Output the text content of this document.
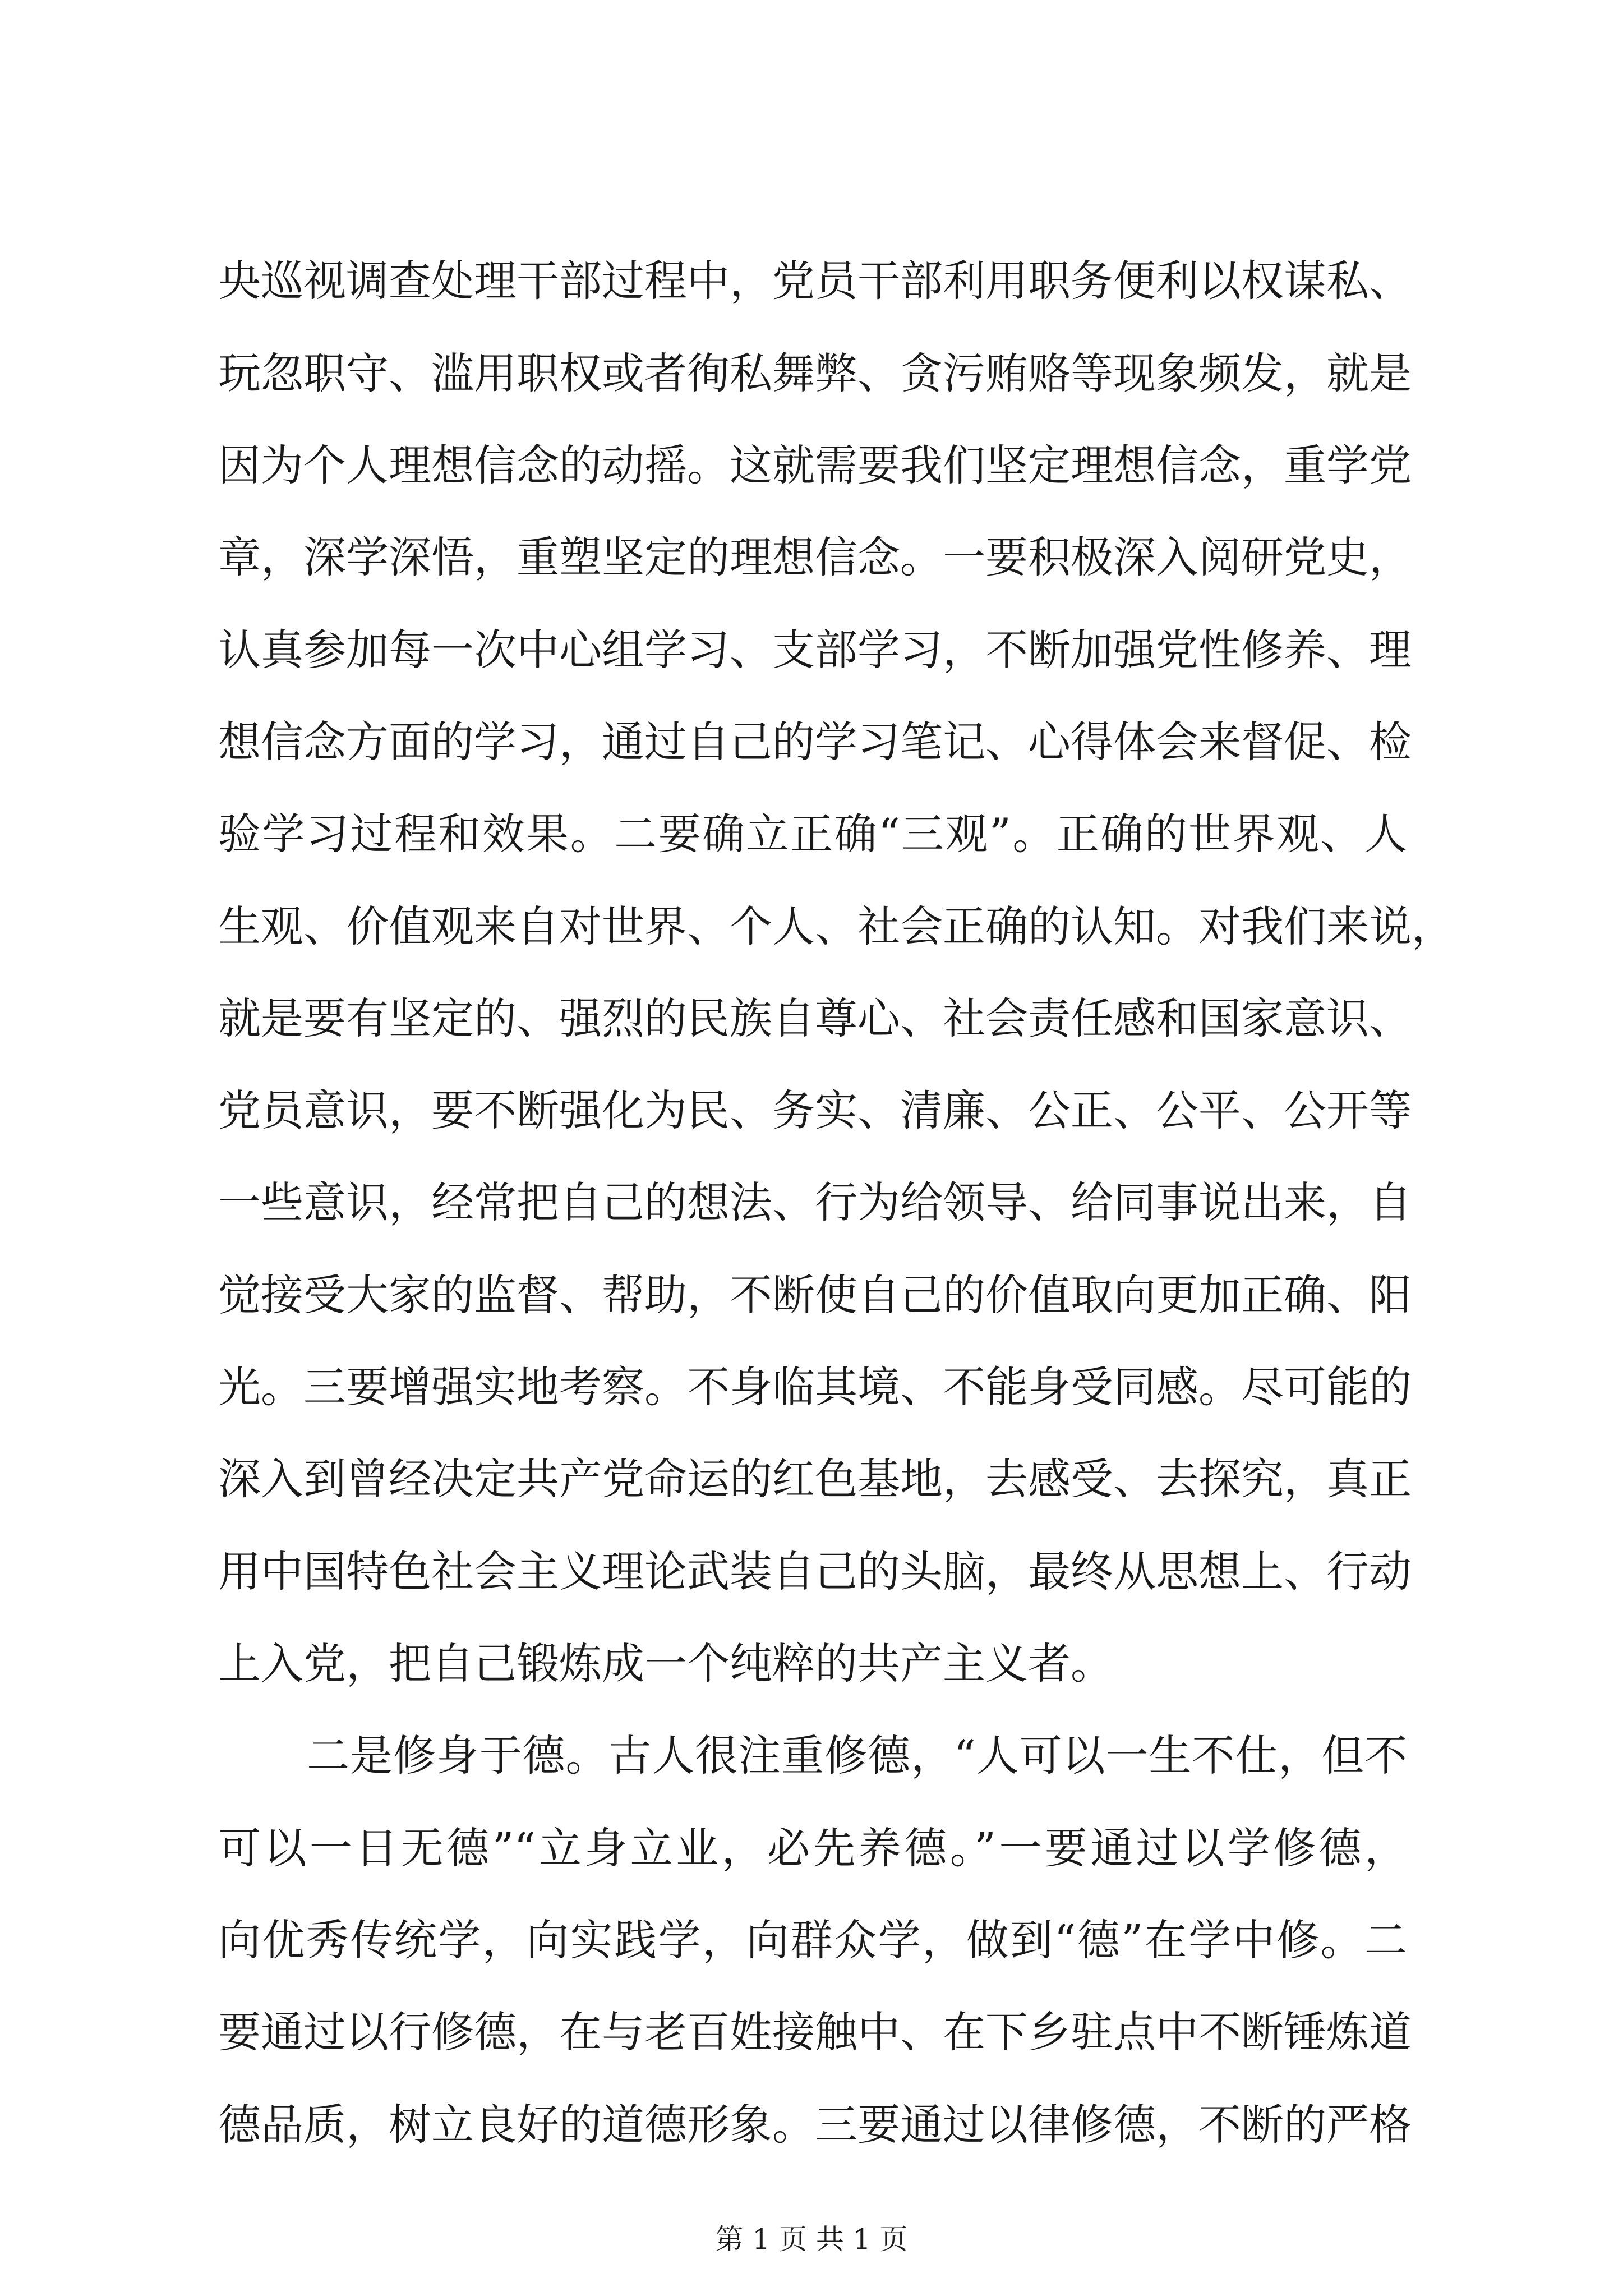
央巡视调查处理干部过程中，党员干部利用职务便利以权谋私、
玩忽职守、滥用职权或者徇私舞弊、贪污贿赂等现象频发，就是
因为个人理想信念的动摇。这就需要我们坚定理想信念，重学党
章，深学深悟，重塑坚定的理想信念。一要积极深入阅研党史，
认真参加每一次中心组学习、支部学习，不断加强党性修养、理
想信念方面的学习，通过自己的学习笔记、心得体会来督促、检
验学习过程和效果。二要确立正确“三观”。正确的世界观、人
生观、价值观来自对世界、个人、社会正确的认知。对我们来说，
就是要有坚定的、强烈的民族自尊心、社会责任感和国家意识、
党员意识，要不断强化为民、务实、清廉、公正、公平、公开等
一些意识，经常把自己的想法、行为给领导、给同事说出来，自
觉接受大家的监督、帮助，不断使自己的价值取向更加正确、阳
光。三要增强实地考察。不身临其境、不能身受同感。尽可能的
深入到曾经决定共产党命运的红色基地，去感受、去探究，真正
用中国特色社会主义理论武装自己的头脑，最终从思想上、行动
上入党，把自己锻炼成一个纯粹的共产主义者。
二是修身于德。古人很注重修德，“人可以一生不仕，但不
可以一日无德”“立身立业，必先养德。”一要通过以学修德，
向优秀传统学，向实践学，向群众学，做到“德”在学中修。二
要通过以行修德，在与老百姓接触中、在下乡驻点中不断锤炼道
德品质，树立良好的道德形象。三要通过以律修德，不断的严格
第 1 页 共 1 页
